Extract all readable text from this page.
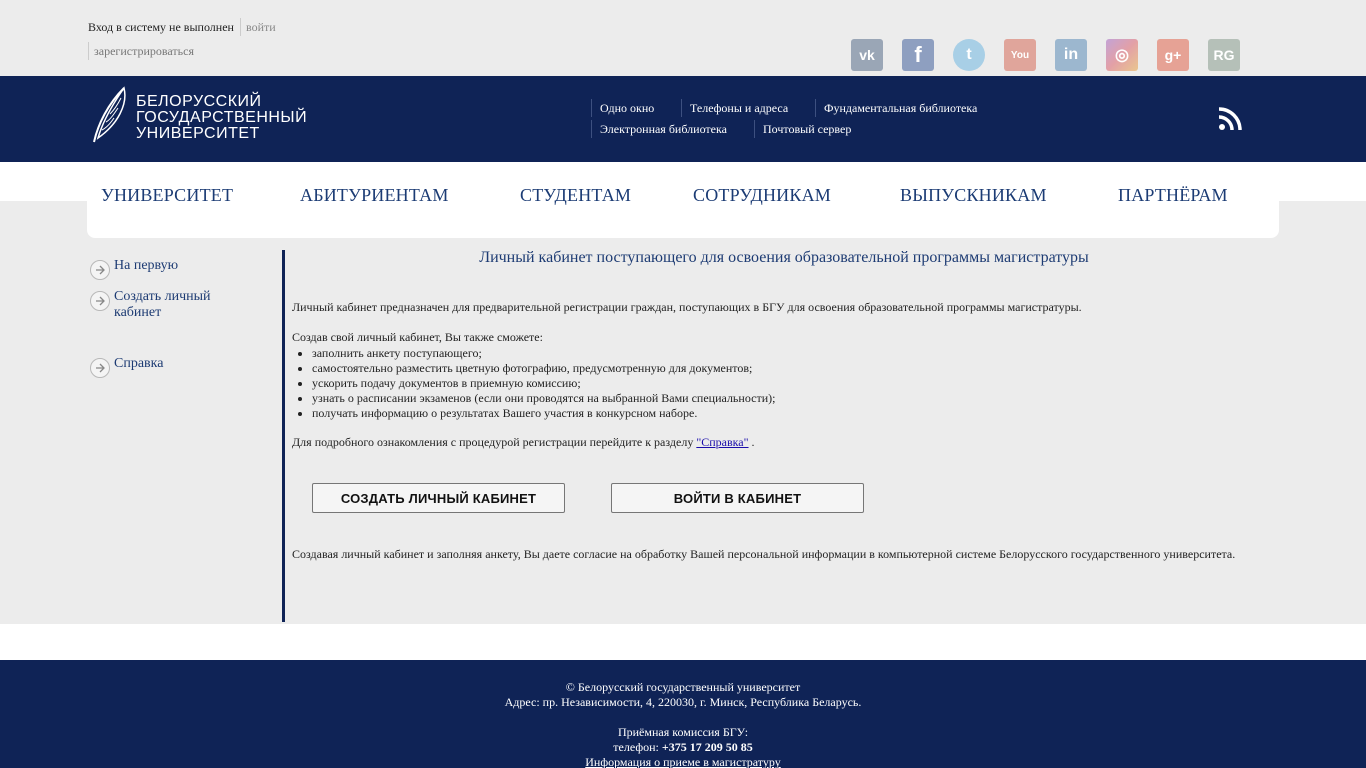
Вход в систему не выполнен	войти
зарегистрироваться	vk	f	t	You	in	◎	g+	RG
БЕЛОРУССКИЙ
ГОСУДАРСТВЕННЫЙ
УНИВЕРСИТЕТ
Одно окно	Телефоны и адреса	Фундаментальная библиотека
Электронная библиотека	Почтовый сервер
УНИВЕРСИТЕТ	АБИТУРИЕНТАМ	СТУДЕНТАМ	СОТРУДНИКАМ	ВЫПУСКНИКАМ	ПАРТНЁРАМ
На первую
Создать личный кабинет
Справка
Личный кабинет поступающего для освоения образовательной программы магистратуры
Личный кабинет предназначен для предварительной регистрации граждан, поступающих в БГУ для освоения образовательной программы магистратуры.
Создав свой личный кабинет, Вы также сможете:
• заполнить анкету поступающего;
• самостоятельно разместить цветную фотографию, предусмотренную для документов;
• ускорить подачу документов в приемную комиссию;
• узнать о расписании экзаменов (если они проводятся на выбранной Вами специальности);
• получать информацию о результатах Вашего участия в конкурсном наборе.
Для подробного ознакомления с процедурой регистрации перейдите к разделу "Справка" .
СОЗДАТЬ ЛИЧНЫЙ КАБИНЕТ	ВОЙТИ В КАБИНЕТ
Создавая личный кабинет и заполняя анкету, Вы даете согласие на обработку Вашей персональной информации в компьютерной системе Белорусского государственного университета.
© Белорусский государственный университет
Адрес: пр. Независимости, 4, 220030, г. Минск, Республика Беларусь.
Приёмная комиссия БГУ:
телефон: +375 17 209 50 85
Информация о приеме в магистратуру
